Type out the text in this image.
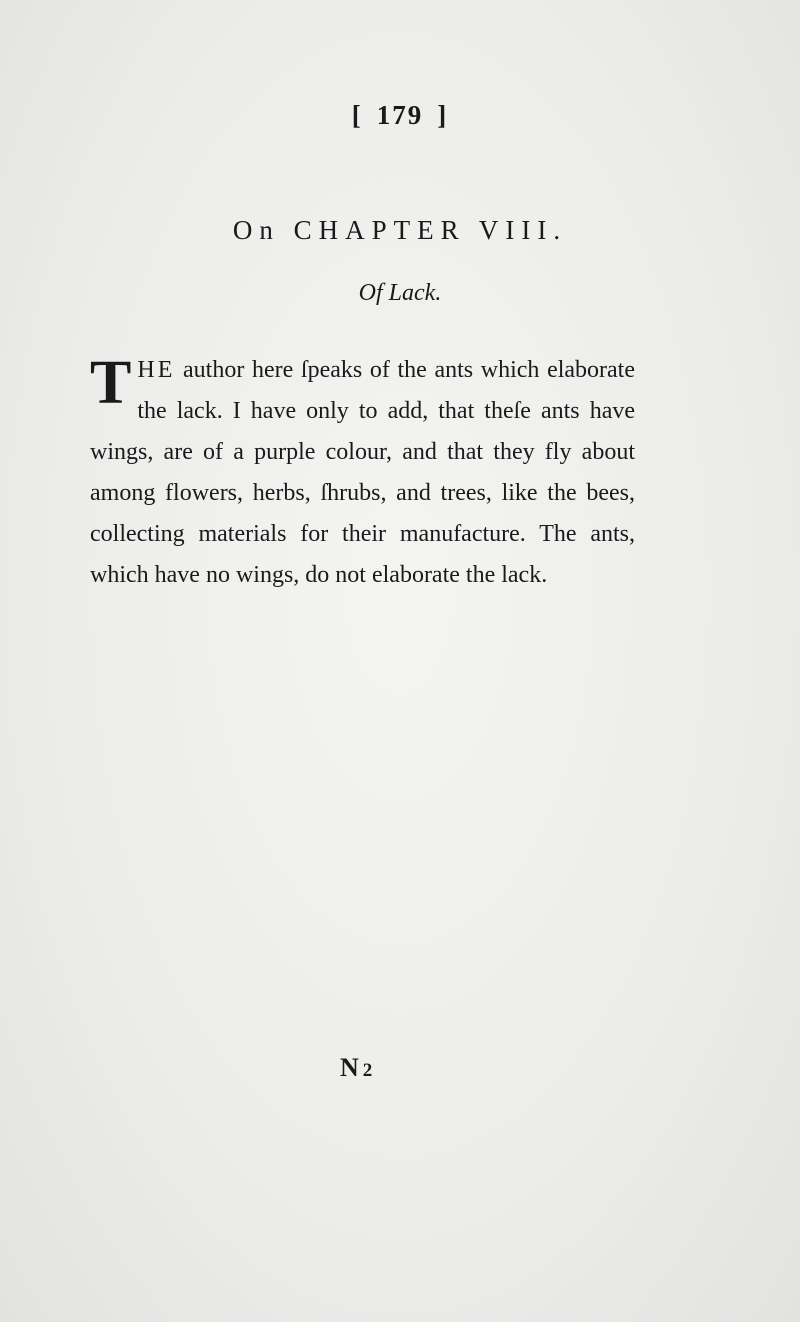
[ 179 ]
On CHAPTER VIII.
Of Lack.
THE author here ſpeaks of the ants which elaborate the lack. I have only to add, that theſe ants have wings, are of a purple colour, and that they fly about among flowers, herbs, ſhrubs, and trees, like the bees, collecting materials for their manufacture. The ants, which have no wings, do not elaborate the lack.
N 2
